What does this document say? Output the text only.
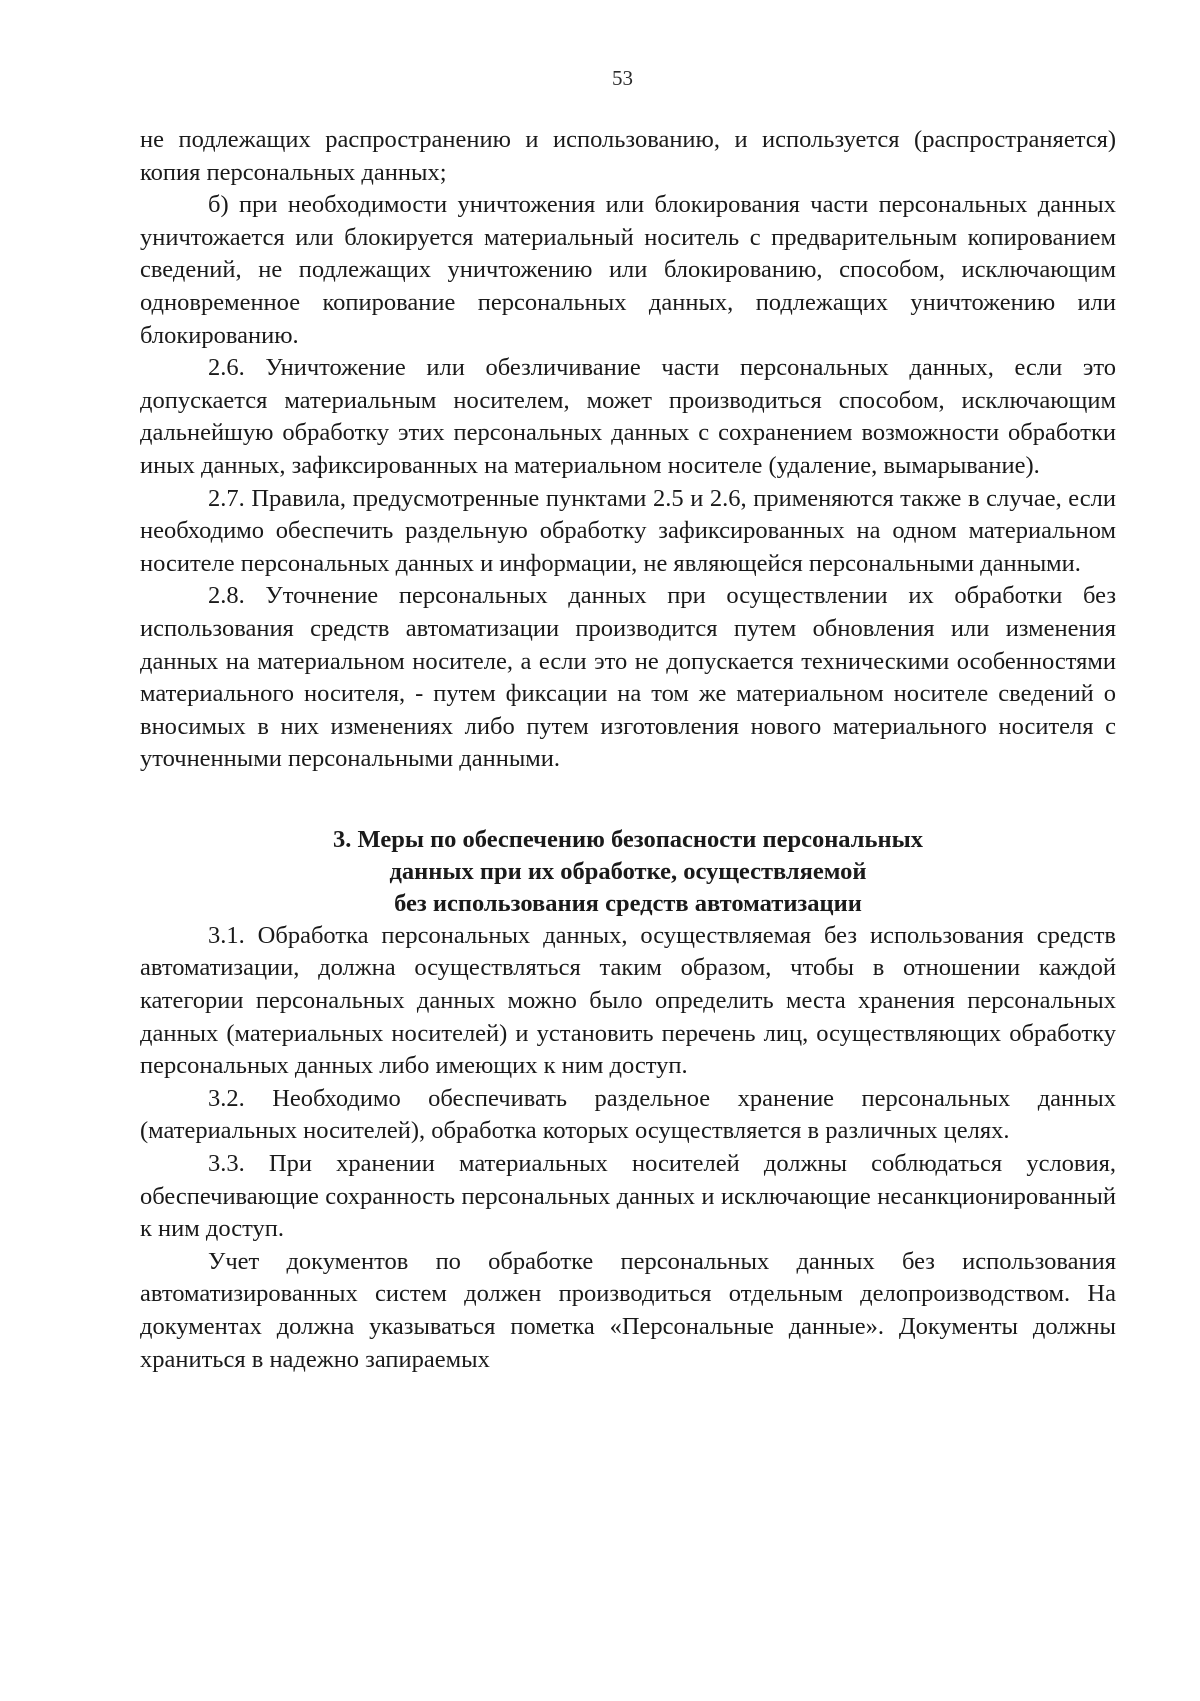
53

не подлежащих распространению и использованию, и используется (распространяется) копия персональных данных;

б) при необходимости уничтожения или блокирования части персональных данных уничтожается или блокируется материальный носитель с предварительным копированием сведений, не подлежащих уничтожению или блокированию, способом, исключающим одновременное копирование персональных данных, подлежащих уничтожению или блокированию.

2.6. Уничтожение или обезличивание части персональных данных, если это допускается материальным носителем, может производиться способом, исключающим дальнейшую обработку этих персональных данных с сохранением возможности обработки иных данных, зафиксированных на материальном носителе (удаление, вымарывание).

2.7. Правила, предусмотренные пунктами 2.5 и 2.6, применяются также в случае, если необходимо обеспечить раздельную обработку зафиксированных на одном материальном носителе персональных данных и информации, не являющейся персональными данными.

2.8. Уточнение персональных данных при осуществлении их обработки без использования средств автоматизации производится путем обновления или изменения данных на материальном носителе, а если это не допускается техническими особенностями материального носителя, - путем фиксации на том же материальном носителе сведений о вносимых в них изменениях либо путем изготовления нового материального носителя с уточненными персональными данными.

3. Меры по обеспечению безопасности персональных
данных при их обработке, осуществляемой
без использования средств автоматизации

3.1. Обработка персональных данных, осуществляемая без использования средств автоматизации, должна осуществляться таким образом, чтобы в отношении каждой категории персональных данных можно было определить места хранения персональных данных (материальных носителей) и установить перечень лиц, осуществляющих обработку персональных данных либо имеющих к ним доступ.

3.2. Необходимо обеспечивать раздельное хранение персональных данных (материальных носителей), обработка которых осуществляется в различных целях.

3.3. При хранении материальных носителей должны соблюдаться условия, обеспечивающие сохранность персональных данных и исключающие несанкционированный к ним доступ.

Учет документов по обработке персональных данных без использования автоматизированных систем должен производиться отдельным делопроизводством. На документах должна указываться пометка «Персональные данные». Документы должны храниться в надежно запираемых
